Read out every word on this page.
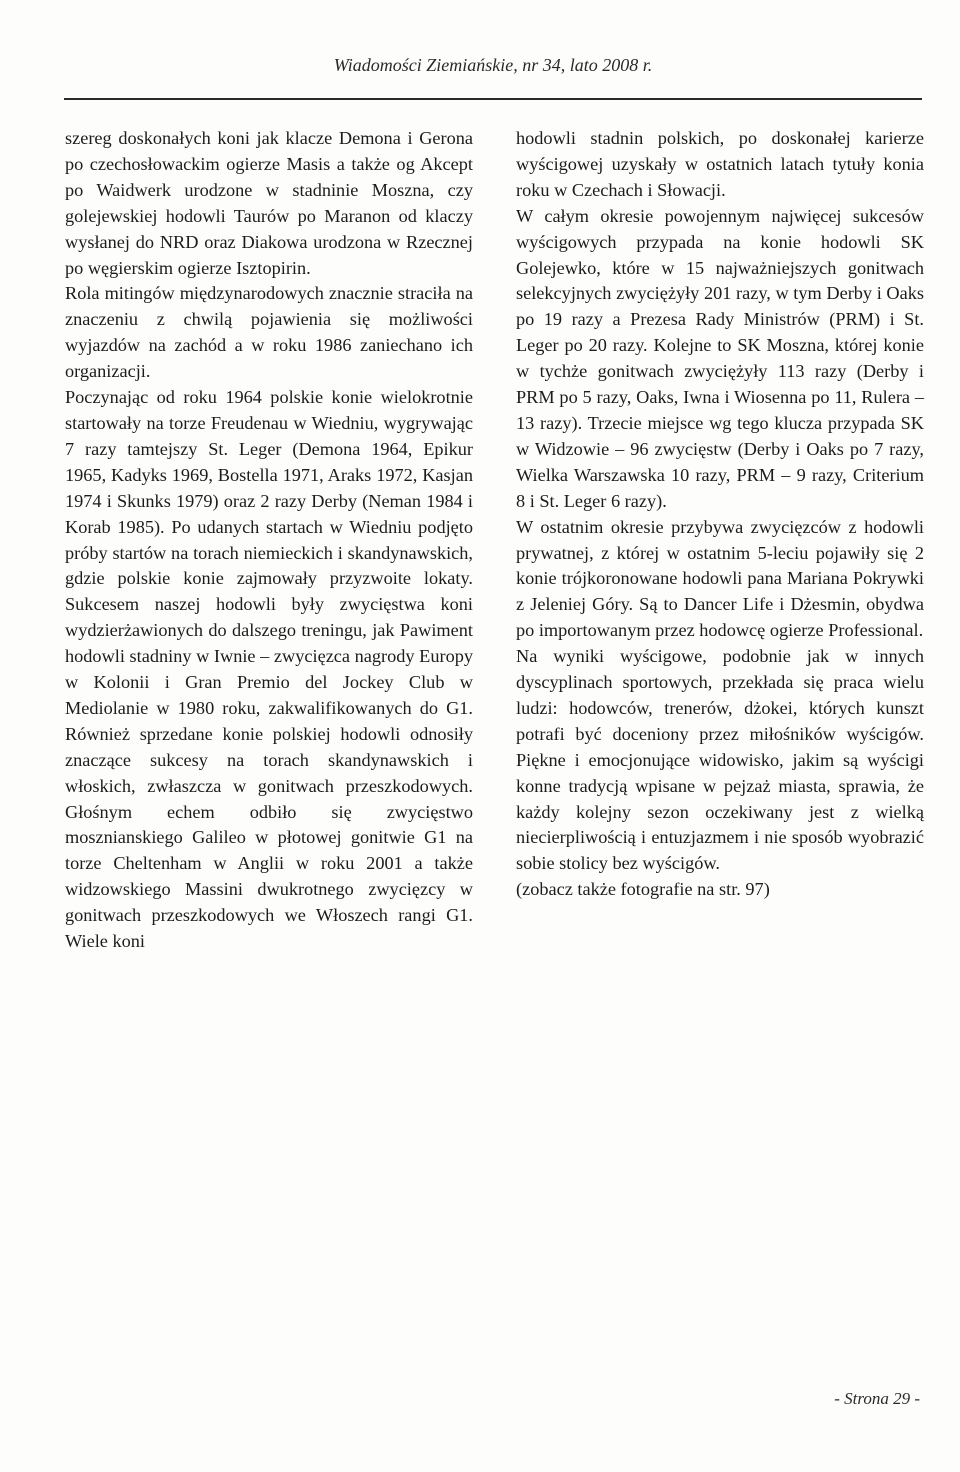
Wiadomości Ziemiańskie, nr 34, lato 2008 r.

szereg doskonałych koni jak klacze Demona i Gerona po czechosłowackim ogierze Masis a także og Akcept po Waidwerk urodzone w stadninie Moszna, czy golejewskiej hodowli Taurów po Maranon od klaczy wysłanej do NRD oraz Diakowa urodzona w Rzecznej po węgierskim ogierze Isztopirin.

Rola mitingów międzynarodowych znacznie straciła na znaczeniu z chwilą pojawienia się możliwości wyjazdów na zachód a w roku 1986 zaniechano ich organizacji.

Poczynając od roku 1964 polskie konie wielokrotnie startowały na torze Freudenau w Wiedniu, wygrywając 7 razy tamtejszy St. Leger (Demona 1964, Epikur 1965, Kadyks 1969, Bostella 1971, Araks 1972, Kasjan 1974 i Skunks 1979) oraz 2 razy Derby (Neman 1984 i Korab 1985). Po udanych startach w Wiedniu podjęto próby startów na torach niemieckich i skandynawskich, gdzie polskie konie zajmowały przyzwoite lokaty. Sukcesem naszej hodowli były zwycięstwa koni wydzierżawionych do dalszego treningu, jak Pawiment hodowli stadniny w Iwnie – zwycięzca nagrody Europy w Kolonii i Gran Premio del Jockey Club w Mediolanie w 1980 roku, zakwalifikowanych do G1. Również sprzedane konie polskiej hodowli odnosiły znaczące sukcesy na torach skandynawskich i włoskich, zwłaszcza w gonitwach przeszkodowych. Głośnym echem odbiło się zwycięstwo mosznianskiego Galileo w płotowej gonitwie G1 na torze Cheltenham w Anglii w roku 2001 a także widzowskiego Massini dwukrotnego zwycięzcy w gonitwach przeszkodowych we Włoszech rangi G1. Wiele koni

hodowli stadnin polskich, po doskonałej karierze wyścigowej uzyskały w ostatnich latach tytuły konia roku w Czechach i Słowacji.

W całym okresie powojennym najwięcej sukcesów wyścigowych przypada na konie hodowli SK Golejewko, które w 15 najważniejszych gonitwach selekcyjnych zwyciężyły 201 razy, w tym Derby i Oaks po 19 razy a Prezesa Rady Ministrów (PRM) i St. Leger po 20 razy. Kolejne to SK Moszna, której konie w tychże gonitwach zwyciężyły 113 razy (Derby i PRM po 5 razy, Oaks, Iwna i Wiosenna po 11, Rulera – 13 razy). Trzecie miejsce wg tego klucza przypada SK w Widzowie – 96 zwycięstw (Derby i Oaks po 7 razy, Wielka Warszawska 10 razy, PRM – 9 razy, Criterium 8 i St. Leger 6 razy).

W ostatnim okresie przybywa zwycięzców z hodowli prywatnej, z której w ostatnim 5-leciu pojawiły się 2 konie trójkoronowane hodowli pana Mariana Pokrywki z Jeleniej Góry. Są to Dancer Life i Dżesmin, obydwa po importowanym przez hodowcę ogierze Professional.

Na wyniki wyścigowe, podobnie jak w innych dyscyplinach sportowych, przekłada się praca wielu ludzi: hodowców, trenerów, dżokei, których kunszt potrafi być doceniony przez miłośników wyścigów. Piękne i emocjonujące widowisko, jakim są wyścigi konne tradycją wpisane w pejzaż miasta, sprawia, że każdy kolejny sezon oczekiwany jest z wielką niecierpliwością i entuzjazmem i nie sposób wyobrazić sobie stolicy bez wyścigów.

(zobacz także fotografie na str. 97)

- Strona 29 -
